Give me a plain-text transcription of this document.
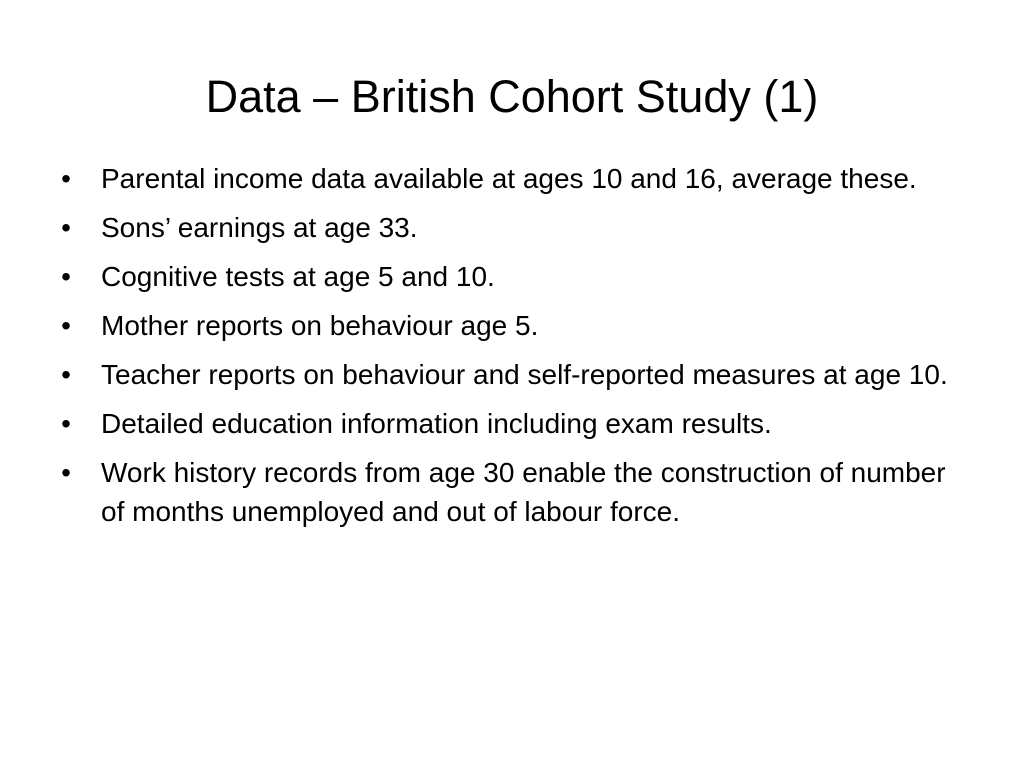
Data – British Cohort Study (1)
• Parental income data available at ages 10 and 16, average these.
• Sons’ earnings at age 33.
• Cognitive tests at age 5 and 10.
• Mother reports on behaviour age 5.
• Teacher reports on behaviour and self-reported measures at age 10.
• Detailed education information including exam results.
• Work history records from age 30 enable the construction of number of months unemployed and out of labour force.
